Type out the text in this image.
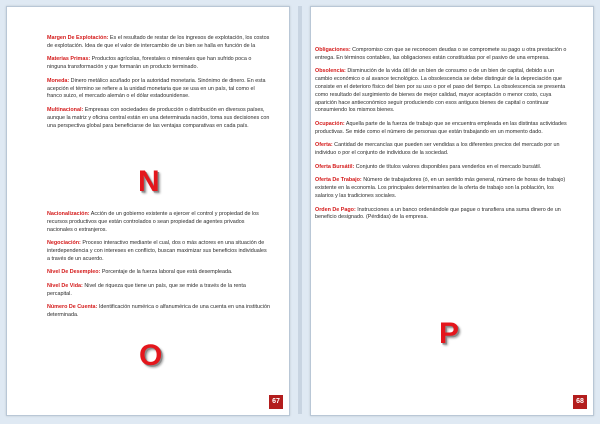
Margen De Explotación: Es el resultado de restar de los ingresos de explotación, los costos de explotación. Idea de que el valor de intercambio de un bien se halla en función de la

Materias Primas: Productos agrícolas, forestales o minerales que han sufrido poca o ninguna transformación y que formarán un producto terminado.

Moneda: Dinero metálico acuñado por la autoridad monetaria. Sinónimo de dinero. En esta acepción el término se refiere a la unidad monetaria que se usa en un país, tal como el franco suizo, el mercado alemán o el dólar estadounidense.

Multinacional: Empresas con sociedades de producción o distribución en diversos países, aunque la matriz y oficina central están en una determinada nación, toma sus decisiones con una perspectiva global para beneficiarse de las ventajas comparativas en cada país.

N

Nacionalización: Acción de un gobierno existente a ejercer el control y propiedad de los recursos productivos que están controlados o sean propiedad de agentes privados nacionales o extranjeros.

Negociación: Proceso interactivo mediante el cual, dos o más actores en una situación de interdependencia y con intereses en conflicto, buscan maximizar sus beneficios individuales a través de un acuerdo.

Nivel De Desempleo: Porcentaje de la fuerza laboral que está desempleada.

Nivel De Vida: Nivel de riqueza que tiene un país, que se mide a través de la renta percapital.

Número De Cuenta: Identificación numérica o alfanumérica de una cuenta en una institución determinada.

O
67

Obligaciones: Compromiso con que se reconocen deudas o se compromete su pago u otra prestación o entrega. En términos contables, las obligaciones están constituidas por el pasivo de una empresa.

Obsolencia: Disminución de la vida útil de un bien de consumo o de un bien de capital, debido a un cambio económico o al avance tecnológico. La obsolescencia se debe distinguir de la depreciación que consiste en el deterioro físico del bien por su uso o por el paso del tiempo. La obsolescencia se presenta como resultado del surgimiento de bienes de mejor calidad, mayor aceptación o menor costo, cuya aparición hace antieconómico seguir produciendo con esos antiguos bienes de capital o continuar consumiendo los mismos bienes.

Ocupación: Aquella parte de la fuerza de trabajo que se encuentra empleada en las distintas actividades productivas. Se mide como el número de personas que están trabajando en un momento dado.

Oferta: Cantidad de mercancías que pueden ser vendidas a los diferentes precios del mercado por un individuo o por el conjunto de individuos de la sociedad.

Oferta Bursátil: Conjunto de títulos valores disponibles para venderlos en el mercado bursátil.

Oferta De Trabajo: Número de trabajadores (ó, en un sentido más general, número de horas de trabajo) existente en la economía. Los principales determinantes de la oferta de trabajo son la población, los salarios y las tradiciones sociales.

Orden De Pago: Instrucciones a un banco ordenándole que pague o transfiera una suma dinero de un beneficio designado. (Pérdidas) de la empresa.

P
68
